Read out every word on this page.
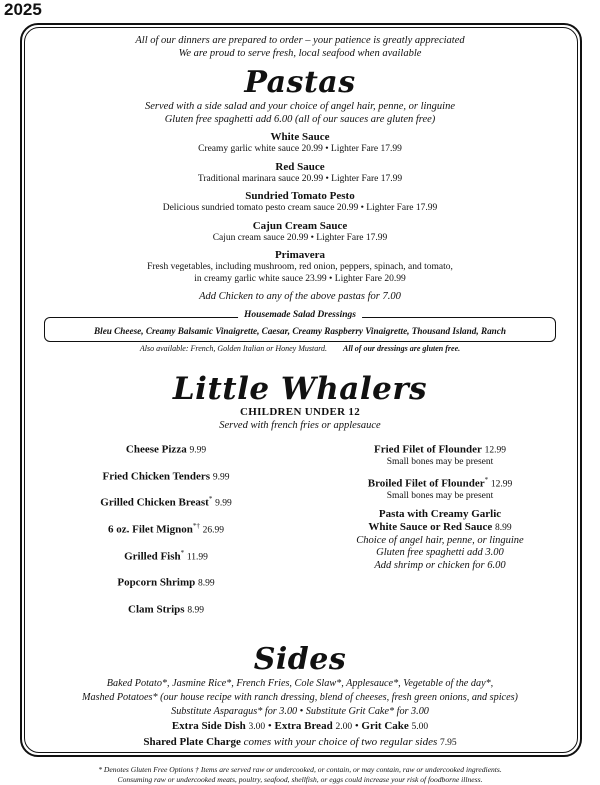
2025
All of our dinners are prepared to order – your patience is greatly appreciated
We are proud to serve fresh, local seafood when available
Pastas
Served with a side salad and your choice of angel hair, penne, or linguine
Gluten free spaghetti add 6.00 (all of our sauces are gluten free)
White Sauce
Creamy garlic white sauce 20.99 • Lighter Fare 17.99
Red Sauce
Traditional marinara sauce 20.99 • Lighter Fare 17.99
Sundried Tomato Pesto
Delicious sundried tomato pesto cream sauce 20.99 • Lighter Fare 17.99
Cajun Cream Sauce
Cajun cream sauce 20.99 • Lighter Fare 17.99
Primavera
Fresh vegetables, including mushroom, red onion, peppers, spinach, and tomato,
in creamy garlic white sauce 23.99 • Lighter Fare 20.99
Add Chicken to any of the above pastas for 7.00
Housemade Salad Dressings
Bleu Cheese, Creamy Balsamic Vinaigrette, Caesar, Creamy Raspberry Vinaigrette, Thousand Island, Ranch
Also available: French, Golden Italian or Honey Mustard. All of our dressings are gluten free.
Little Whalers
CHILDREN UNDER 12
Served with french fries or applesauce
Cheese Pizza 9.99
Fried Chicken Tenders 9.99
Grilled Chicken Breast* 9.99
6 oz. Filet Mignon*† 26.99
Grilled Fish* 11.99
Popcorn Shrimp 8.99
Clam Strips 8.99
Fried Filet of Flounder 12.99
Small bones may be present
Broiled Filet of Flounder* 12.99
Small bones may be present
Pasta with Creamy Garlic
White Sauce or Red Sauce 8.99
Choice of angel hair, penne, or linguine
Gluten free spaghetti add 3.00
Add shrimp or chicken for 6.00
Sides
Baked Potato*, Jasmine Rice*, French Fries, Cole Slaw*, Applesauce*, Vegetable of the day*,
Mashed Potatoes* (our house recipe with ranch dressing, blend of cheeses, fresh green onions, and spices)
Substitute Asparagus* for 3.00 • Substitute Grit Cake* for 3.00
Extra Side Dish 3.00 • Extra Bread 2.00 • Grit Cake 5.00
Shared Plate Charge comes with your choice of two regular sides 7.95
* Denotes Gluten Free Options † Items are served raw or undercooked, or contain, or may contain, raw or undercooked ingredients.
Consuming raw or undercooked meats, poultry, seafood, shellfish, or eggs could increase your risk of foodborne illness.
